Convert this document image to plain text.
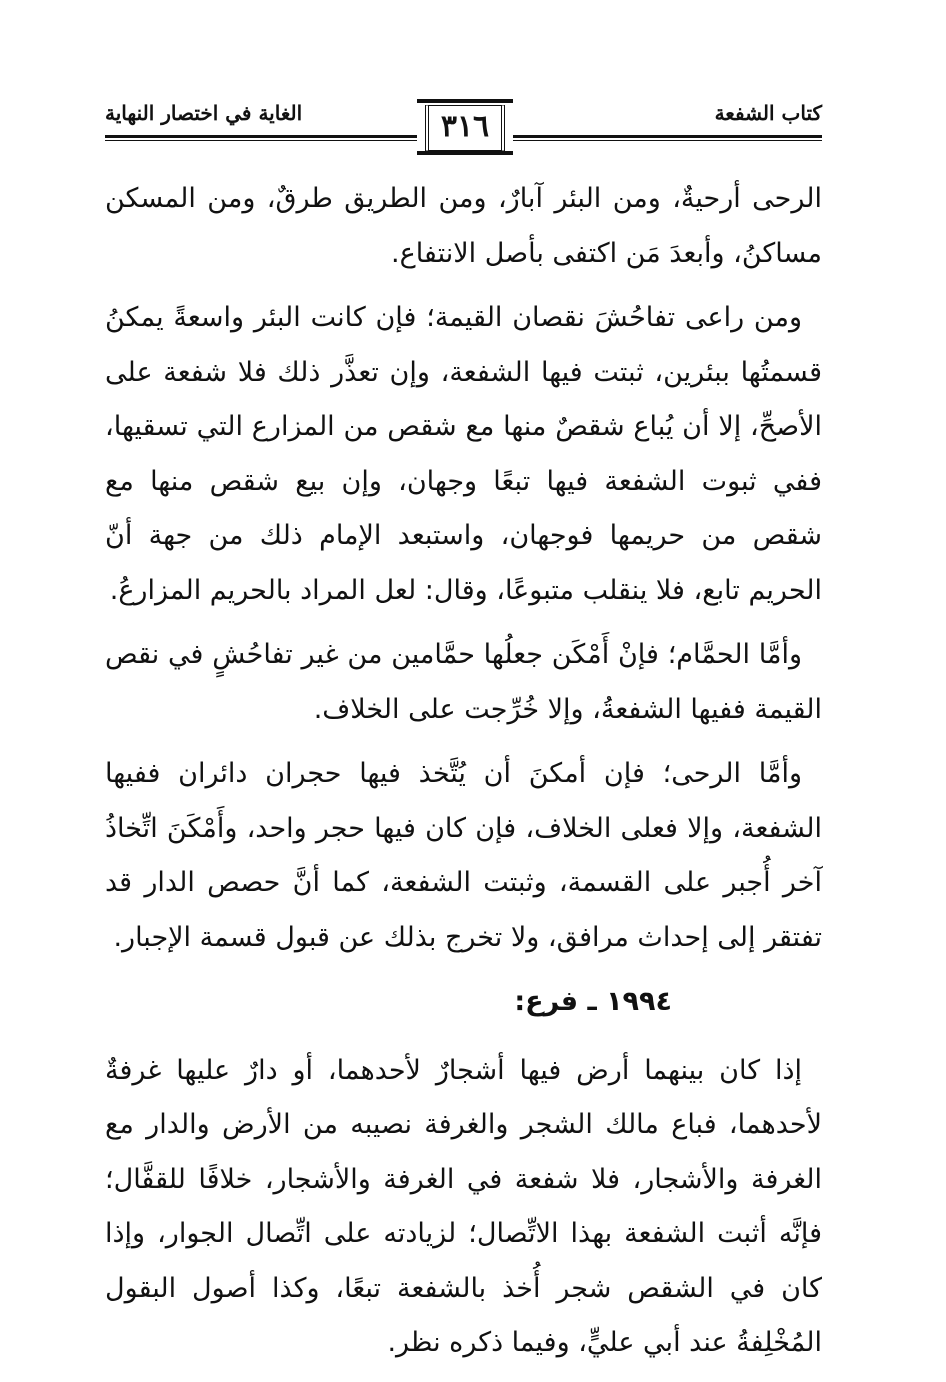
كتاب الشفعة
الغاية في اختصار النهاية	٣١٦

الرحى أرحيةٌ، ومن البئر آبارٌ، ومن الطريق طرقٌ، ومن المسكن مساكنُ، وأبعدَ مَن اكتفى بأصل الانتفاع.

ومن راعى تفاحُشَ نقصان القيمة؛ فإن كانت البئر واسعةً يمكنُ قسمتُها ببئرين، ثبتت فيها الشفعة، وإن تعذَّر ذلك فلا شفعة على الأصحِّ، إلا أن يُباع شقصٌ منها مع شقص من المزارع التي تسقيها، ففي ثبوت الشفعة فيها تبعًا وجهان، وإن بيع شقص منها مع شقص من حريمها فوجهان، واستبعد الإمام ذلك من جهة أنّ الحريم تابع، فلا ينقلب متبوعًا، وقال: لعل المراد بالحريم المزارعُ.

وأمَّا الحمَّام؛ فإنْ أَمْكَن جعلُها حمَّامين من غير تفاحُشٍ في نقص القيمة ففيها الشفعةُ، وإلا خُرِّجت على الخلاف.

وأمَّا الرحى؛ فإن أمكنَ أن يُتَّخذ فيها حجران دائران ففيها الشفعة، وإلا فعلى الخلاف، فإن كان فيها حجر واحد، وأَمْكَنَ اتِّخاذُ آخر أُجبر على القسمة، وثبتت الشفعة، كما أنَّ حصص الدار قد تفتقر إلى إحداث مرافق، ولا تخرج بذلك عن قبول قسمة الإجبار.

١٩٩٤ ـ فرع:

إذا كان بينهما أرض فيها أشجارٌ لأحدهما، أو دارٌ عليها غرفةٌ لأحدهما، فباع مالك الشجر والغرفة نصيبه من الأرض والدار مع الغرفة والأشجار، فلا شفعة في الغرفة والأشجار، خلافًا للقفَّال؛ فإنَّه أثبت الشفعة بهذا الاتِّصال؛ لزيادته على اتِّصال الجوار، وإذا كان في الشقص شجر أُخذ بالشفعة تبعًا، وكذا أصول البقول المُخْلِفةُ عند أبي عليٍّ، وفيما ذكره نظر.
